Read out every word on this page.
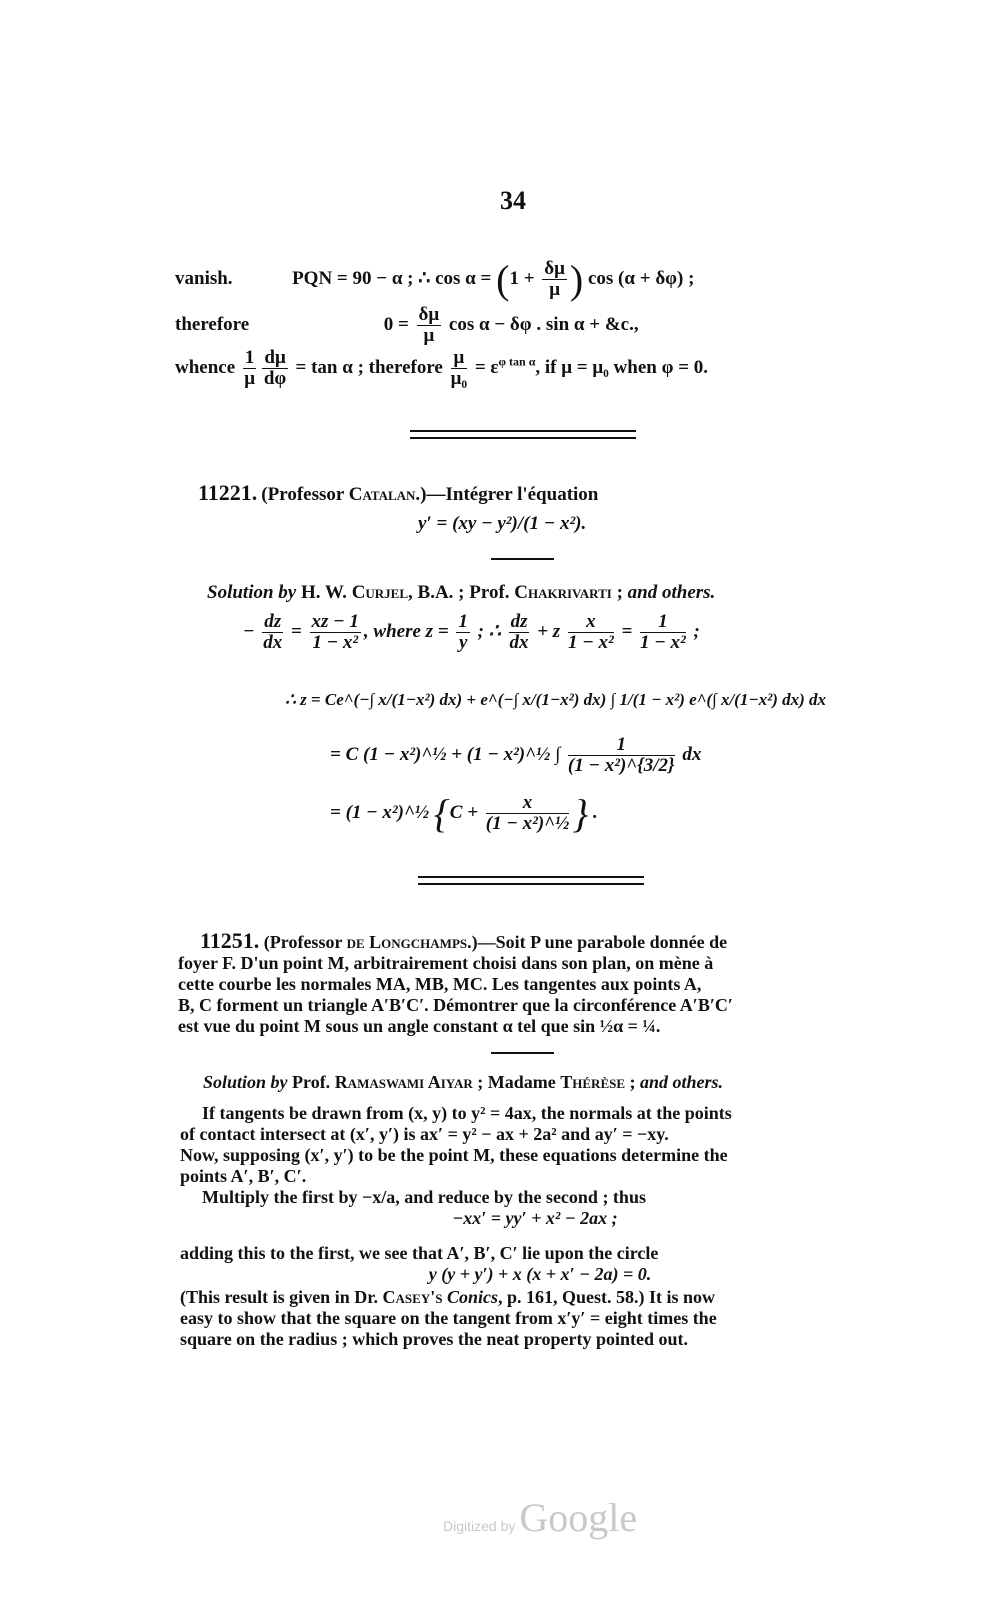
34
vanish.	PQN = 90 − α ; ∴ $\cos \alpha = (1 + \frac{\delta\mu}{\mu}$ ) cos (α + δφ) ;
therefore	$0 = \frac{\delta\mu}{\mu}$ cos α − δφ . sin α + &c.,
whence $\frac{1}{\mu} \frac{d\mu}{d\varphi} = \tan \alpha$ ; therefore $\frac{\mu}{\text{μ₀}} = \varepsilon^{\varphi tan \alpha}$, if μ = μ₀ when φ = 0.
11221. (Professor Catalan.)—Intégrer l'équation
y′ = (xy − y²)/(1 − x²).
Solution by H. W. Curjel, B.A. ; Prof. Chakrivarti ; and others.
− $\frac{dz}{dx} = \frac{xz - 1}{\text{1 − x²}}$ , where $z = \frac{1}{y}$ ; ∴ $\frac{dz}{dx} + z \frac{x}{\text{1 − x²}} = \frac{1}{\text{1 − x²}}$ ;
∴ z = Ce^(−∫ x/(1−x²) dx) + e^(−∫ x/(1−x²) dx) ∫ 1/(1 − x²) e^(∫ x/(1−x²) dx) dx
= C (1 − x²)^½ + (1 − x²)^½ ∫ $\frac{1}{\text{(1 − x²)\textasciicircum{}\{3/2\}}}$ dx
= (1 − x²)^½ {$C + \frac{x}{\text{(1 − x²)\textasciicircum{}½}}$ } .
11251. (Professor de Longchamps.)—Soit P une parabole donnée de
foyer F. D'un point M, arbitrairement choisi dans son plan, on mène à
cette courbe les normales MA, MB, MC. Les tangentes aux points A,
B, C forment un triangle A′B′C′. Démontrer que la circonférence A′B′C′
est vue du point M sous un angle constant α tel que sin ½α = ¼.
Solution by Prof. Ramaswami Aiyar ; Madame Thérèse ; and others.
If tangents be drawn from (x, y) to y² = 4ax, the normals at the points
of contact intersect at (x′, y′) is ax′ = y² − ax + 2a² and ay′ = −xy.
Now, supposing (x′, y′) to be the point M, these equations determine the
points A′, B′, C′.
Multiply the first by −x/a, and reduce by the second ; thus
−xx′ = yy′ + x² − 2ax ;
adding this to the first, we see that A′, B′, C′ lie upon the circle
y (y + y′) + x (x + x′ − 2a) = 0.
(This result is given in Dr. Casey's Conics, p. 161, Quest. 58.) It is now
easy to show that the square on the tangent from x′y′ = eight times the
square on the radius ; which proves the neat property pointed out.
Digitized by Google
